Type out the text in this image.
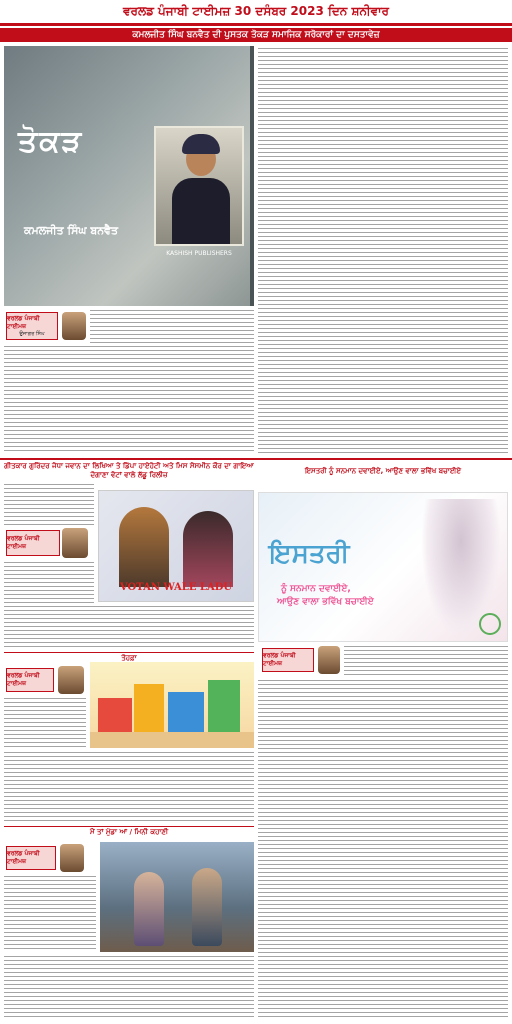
ਵਰਲਡ ਪੰਜਾਬੀ ਟਾਈਮਜ਼ 30 ਦਸੰਬਰ 2023 ਦਿਨ ਸ਼ਨੀਵਾਰ
ਕਮਲਜੀਤ ਸਿੰਘ ਬਨਵੈਤ ਦੀ ਪੁਸਤਕ ਤੋਕੜ ਸਮਾਜਿਕ ਸਰੋਕਾਰਾਂ ਦਾ ਦਸਤਾਵੇਜ਼
ਤੋਕੜ
ਕਮਲਜੀਤ ਸਿੰਘ ਬਨਵੈਤ
KASHISH PUBLISHERS
ਵਰਲਡ ਪੰਜਾਬੀ ਟਾਈਮਜ਼
ਉਜਾਗਰ ਸਿੰਘ
ਗੀਤਕਾਰ ਗੁਰਿੰਦਰ ਜੋਧਾ ਜਵਾਨ ਦਾ ਲਿਖਿਆ ਤੇ ਡਿੰਪਾ ਹਾਏਹੋਟੀ ਅਤੇ ਮਿਸ ਸੋਸਮੀਨ ਕੌਰ ਦਾ ਗਾਇਆ ਦੋਗਾਣਾ ਵੋਟਾਂ ਵਾਲੇ ਲੱਡੂ ਰਿਲੀਜ਼	ਇਸਤਰੀ ਨੂੰ ਸਨਮਾਨ ਦਵਾਈਏ, ਆਉਣ ਵਾਲਾ ਭਵਿੱਖ ਬਚਾਈਏ
ਵਰਲਡ ਪੰਜਾਬੀ ਟਾਈਮਜ਼
VOTAN WALE LADU
ਇਸਤਰੀ
ਨੂੰ ਸਨਮਾਨ ਦਵਾਈਏ,
ਆਉਣ ਵਾਲਾ ਭਵਿੱਖ ਬਚਾਈਏ
ਵਰਲਡ ਪੰਜਾਬੀ ਟਾਈਮਜ਼
ਤੋਹਫ਼ਾ
ਵਰਲਡ ਪੰਜਾਬੀ ਟਾਈਮਜ਼
ਮੈਂ ਤਾਂ ਮੁੰਡਾ ਆਂ / ਮਿਨੀ ਕਹਾਣੀ
ਵਰਲਡ ਪੰਜਾਬੀ ਟਾਈਮਜ਼
